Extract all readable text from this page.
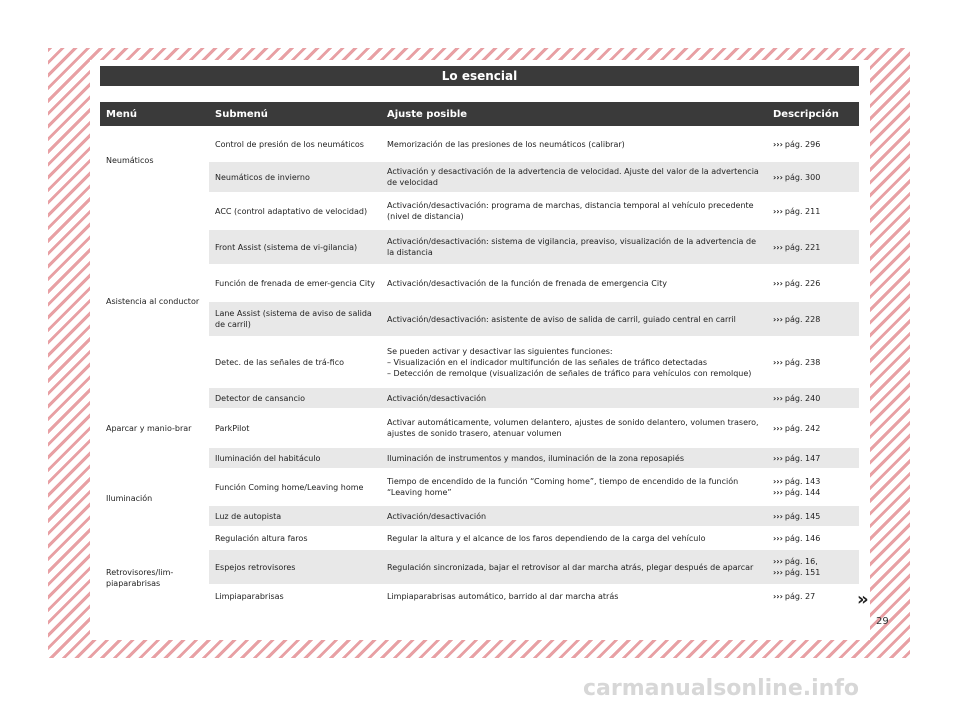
Lo esencial
Menú	Submenú	Ajuste posible	Descripción
Neumáticos	Control de presión de los neumáticos	Memorización de las presiones de los neumáticos (calibrar)	››› pág. 296

	Neumáticos de invierno	Activación y desactivación de la advertencia de velocidad. Ajuste del valor de la advertencia de velocidad	››› pág. 300

Asistencia al conductor	ACC (control adaptativo de velocidad)	Activación/desactivación: programa de marchas, distancia temporal al vehículo precedente (nivel de distancia)	››› pág. 211

	Front Assist (sistema de vi-gilancia)	Activación/desactivación: sistema de vigilancia, preaviso, visualización de la advertencia de la distancia	››› pág. 221

	Función de frenada de emer-gencia City	Activación/desactivación de la función de frenada de emergencia City	››› pág. 226

	Lane Assist (sistema de aviso de salida de carril)	Activación/desactivación: asistente de aviso de salida de carril, guiado central en carril	››› pág. 228

	Detec. de las señales de trá-fico	Se pueden activar y desactivar las siguientes funciones:
– Visualización en el indicador multifunción de las señales de tráfico detectadas
– Detección de remolque (visualización de señales de tráfico para vehículos con remolque)	››› pág. 238

	Detector de cansancio	Activación/desactivación	››› pág. 240

Aparcar y manio-brar	ParkPilot	Activar automáticamente, volumen delantero, ajustes de sonido delantero, volumen trasero, ajustes de sonido trasero, atenuar volumen	››› pág. 242

Iluminación	Iluminación del habitáculo	Iluminación de instrumentos y mandos, iluminación de la zona reposapiés	››› pág. 147

	Función Coming home/Leaving home	Tiempo de encendido de la función “Coming home”, tiempo de encendido de la función “Leaving home”	››› pág. 143
››› pág. 144

	Luz de autopista	Activación/desactivación	››› pág. 145

	Regulación altura faros	Regular la altura y el alcance de los faros dependiendo de la carga del vehículo	››› pág. 146

Retrovisores/lim-piaparabrisas	Espejos retrovisores	Regulación sincronizada, bajar el retrovisor al dar marcha atrás, plegar después de aparcar	››› pág. 16,
››› pág. 151

	Limpiaparabrisas	Limpiaparabrisas automático, barrido al dar marcha atrás	››› pág. 27	»
29
carmanualsonline.info
